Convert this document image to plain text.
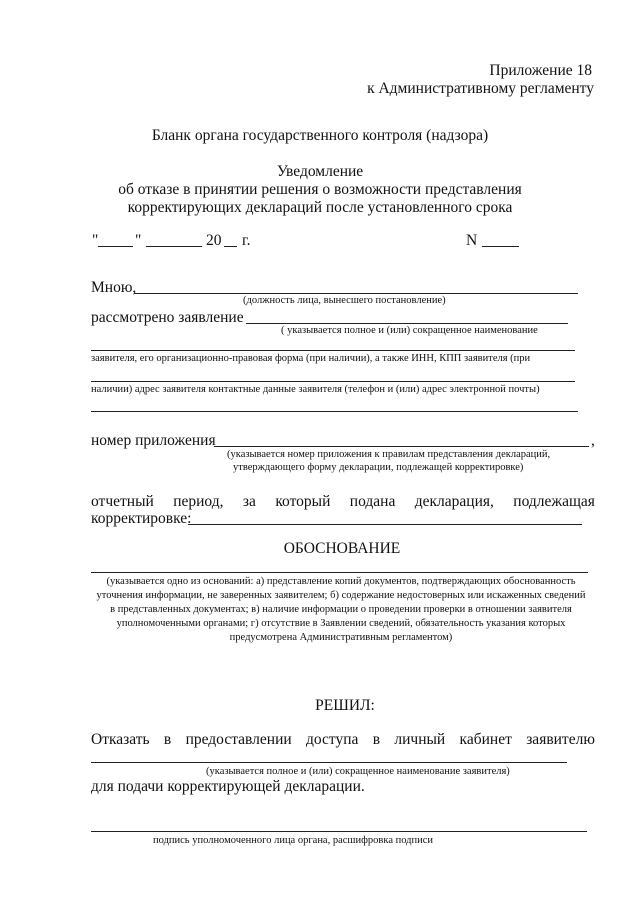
Приложение 18
к Административному регламенту
Бланк органа государственного контроля (надзора)
Уведомление
об отказе в принятии решения о возможности представления
корректирующих деклараций после установленного срока
" "	20 г.	N
Мною,
(должность лица, вынесшего постановление)
рассмотрено заявление
( указывается полное и (или) сокращенное наименование
заявителя, его организационно-правовая форма (при наличии), а также ИНН, КПП заявителя (при
наличии) адрес заявителя контактные данные заявителя (телефон и (или) адрес электронной почты)
номер приложения	,
(указывается номер приложения к правилам представления деклараций,
утверждающего форму декларации, подлежащей корректировке)
отчетный период, за который подана декларация, подлежащая
корректировке:
ОБОСНОВАНИЕ
(указывается одно из оснований: а) представление копий документов, подтверждающих обоснованность
уточнения информации, не заверенных заявителем; б) содержание недостоверных или искаженных сведений
в представленных документах; в) наличие информации о проведении проверки в отношении заявителя
уполномоченными органами; г) отсутствие в Заявлении сведений, обязательность указания которых
предусмотрена Административным регламентом)
РЕШИЛ:
Отказать в предоставлении доступа в личный кабинет заявителю
(указывается полное и (или) сокращенное наименование заявителя)
для подачи корректирующей декларации.
подпись уполномоченного лица органа, расшифровка подписи
